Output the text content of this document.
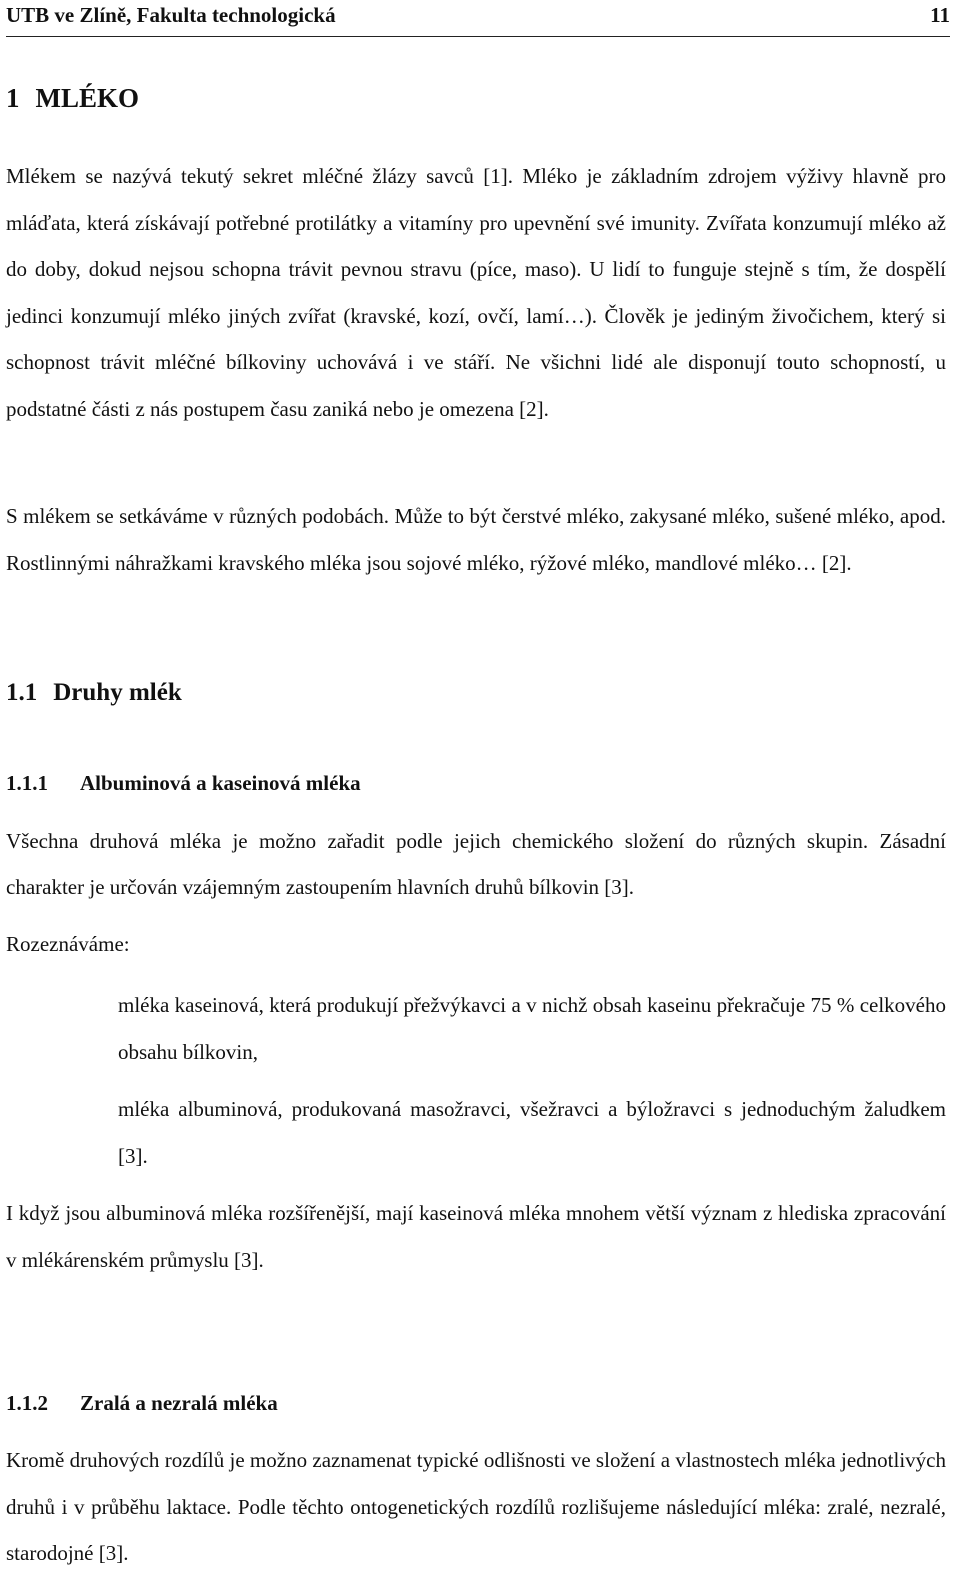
UTB ve Zlíně, Fakulta technologická	11
1 MLÉKO

Mlékem se nazývá tekutý sekret mléčné žlázy savců [1]. Mléko je základním zdrojem výživy hlavně pro mláďata, která získávají potřebné protilátky a vitamíny pro upevnění své imunity. Zvířata konzumují mléko až do doby, dokud nejsou schopna trávit pevnou stravu (píce, maso). U lidí to funguje stejně s tím, že dospělí jedinci konzumují mléko jiných zvířat (kravské, kozí, ovčí, lamí…). Člověk je jediným živočichem, který si schopnost trávit mléčné bílkoviny uchovává i ve stáří. Ne všichni lidé ale disponují touto schopností, u podstatné části z nás postupem času zaniká nebo je omezena [2].

S mlékem se setkáváme v různých podobách. Může to být čerstvé mléko, zakysané mléko, sušené mléko, apod. Rostlinnými náhražkami kravského mléka jsou sojové mléko, rýžové mléko, mandlové mléko… [2].

1.1 Druhy mlék
1.1.1 Albuminová a kaseinová mléka

Všechna druhová mléka je možno zařadit podle jejich chemického složení do různých skupin. Zásadní charakter je určován vzájemným zastoupením hlavních druhů bílkovin [3].

Rozeznáváme:

mléka kaseinová, která produkují přežvýkavci a v nichž obsah kaseinu překračuje 75 % celkového obsahu bílkovin,

mléka albuminová, produkovaná masožravci, všežravci a býložravci s jednoduchým žaludkem [3].

I když jsou albuminová mléka rozšířenější, mají kaseinová mléka mnohem větší význam z hlediska zpracování v mlékárenském průmyslu [3].

1.1.2 Zralá a nezralá mléka

Kromě druhových rozdílů je možno zaznamenat typické odlišnosti ve složení a vlastnostech mléka jednotlivých druhů i v průběhu laktace. Podle těchto ontogenetických rozdílů rozlišujeme následující mléka: zralé, nezralé, starodojné [3].
